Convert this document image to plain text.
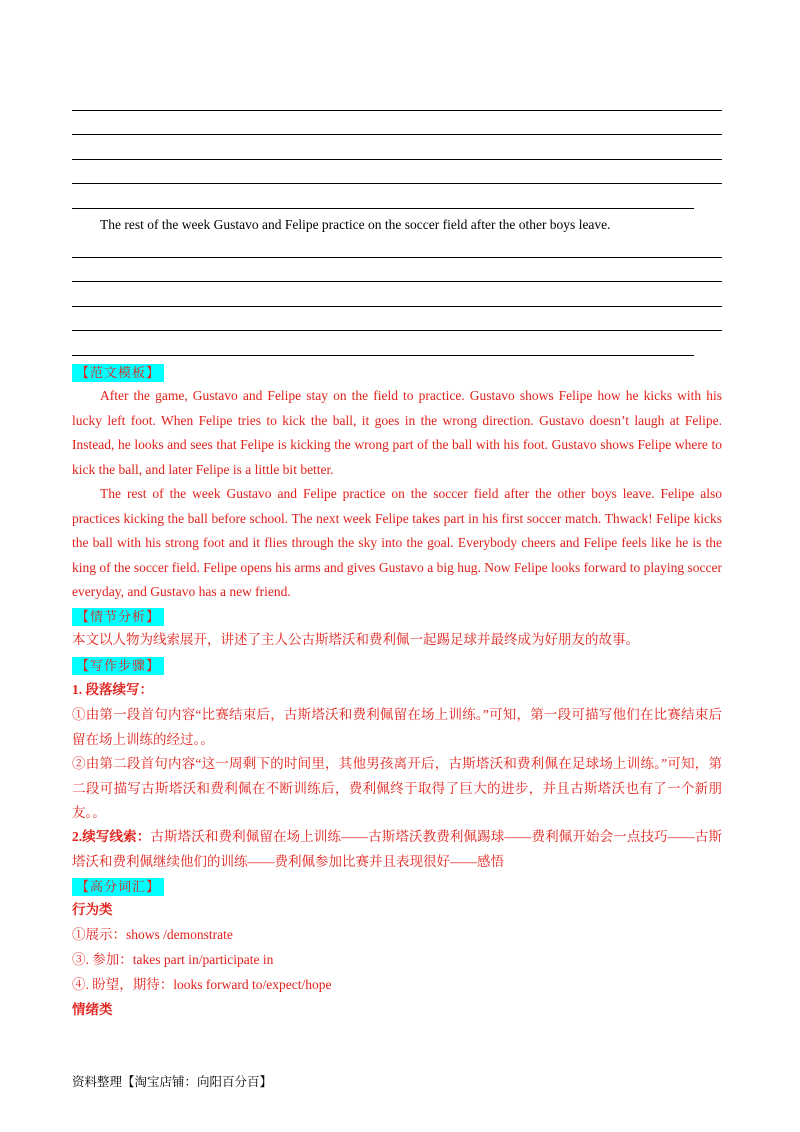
The rest of the week Gustavo and Felipe practice on the soccer field after the other boys leave.
【范文模板】

After the game, Gustavo and Felipe stay on the field to practice. Gustavo shows Felipe how he kicks with his lucky left foot. When Felipe tries to kick the ball, it goes in the wrong direction. Gustavo doesn’t laugh at Felipe. Instead, he looks and sees that Felipe is kicking the wrong part of the ball with his foot. Gustavo shows Felipe where to kick the ball, and later Felipe is a little bit better.

The rest of the week Gustavo and Felipe practice on the soccer field after the other boys leave. Felipe also practices kicking the ball before school. The next week Felipe takes part in his first soccer match. Thwack! Felipe kicks the ball with his strong foot and it flies through the sky into the goal. Everybody cheers and Felipe feels like he is the king of the soccer field. Felipe opens his arms and gives Gustavo a big hug. Now Felipe looks forward to playing soccer everyday, and Gustavo has a new friend.

【情节分析】
本文以人物为线索展开，讲述了主人公古斯塔沃和费利佩一起踢足球并最终成为好朋友的故事。
【写作步骤】
1. 段落续写：
①由第一段首句内容“比赛结束后，古斯塔沃和费利佩留在场上训练。”可知，第一段可描写他们在比赛结束后留在场上训练的经过。。
②由第二段首句内容“这一周剩下的时间里，其他男孩离开后，古斯塔沃和费利佩在足球场上训练。”可知，第二段可描写古斯塔沃和费利佩在不断训练后，费利佩终于取得了巨大的进步，并且古斯塔沃也有了一个新朋友。。
2.续写线索：古斯塔沃和费利佩留在场上训练——古斯塔沃教费利佩踢球——费利佩开始会一点技巧——古斯塔沃和费利佩继续他们的训练——费利佩参加比赛并且表现很好——感悟
【高分词汇】
行为类
①展示：shows /demonstrate
③. 参加：takes part in/participate in
④. 盼望，期待：looks forward to/expect/hope
情绪类
资料整理【淘宝店铺：向阳百分百】
